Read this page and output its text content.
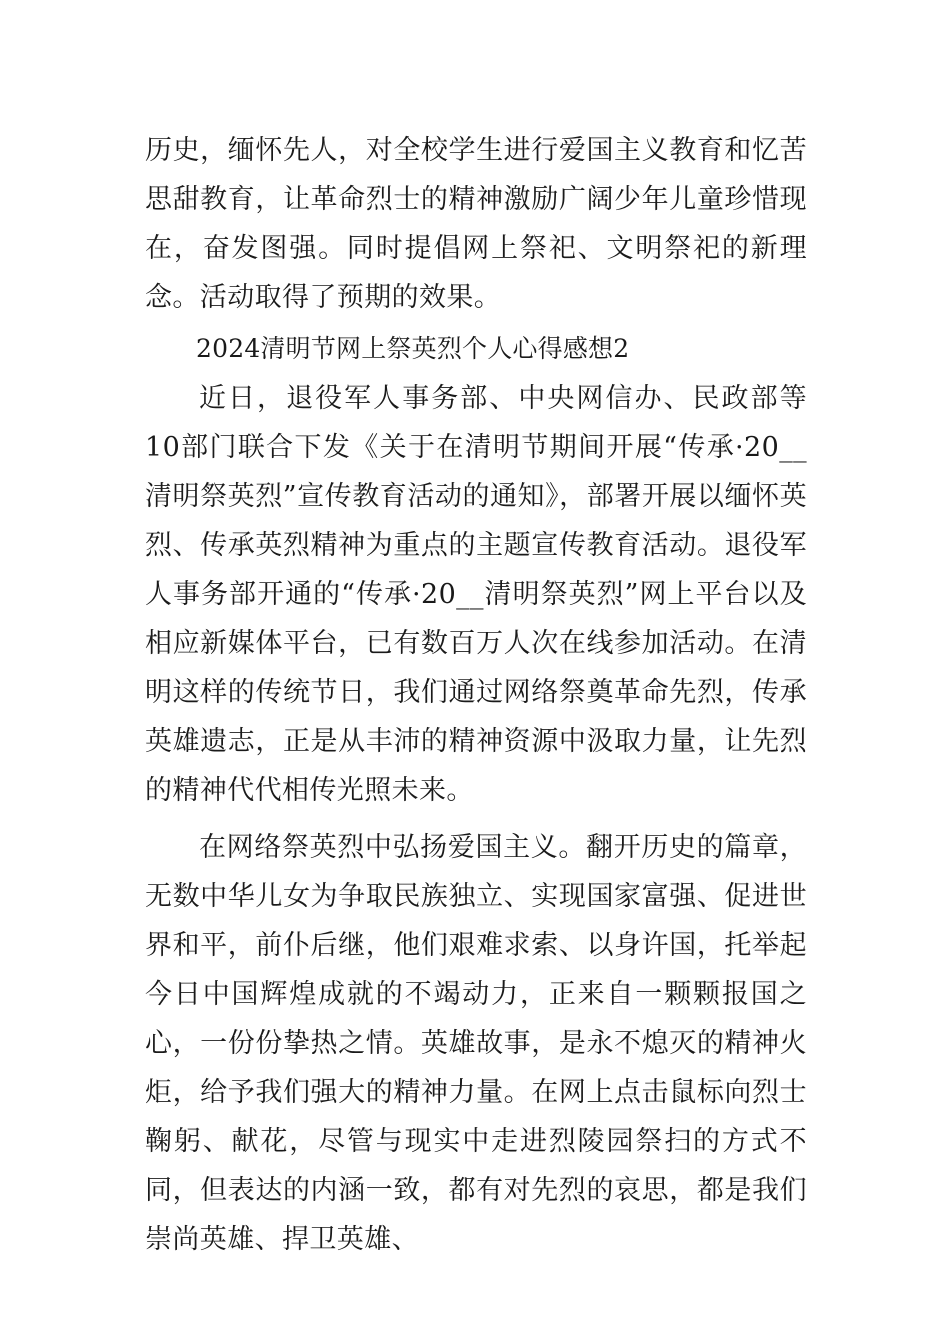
历史，缅怀先人，对全校学生进行爱国主义教育和忆苦思甜教育，让革命烈士的精神激励广阔少年儿童珍惜现在，奋发图强。同时提倡网上祭祀、文明祭祀的新理念。活动取得了预期的效果。

2024清明节网上祭英烈个人心得感想2

近日，退役军人事务部、中央网信办、民政部等10部门联合下发《关于在清明节期间开展“传承·20__清明祭英烈”宣传教育活动的通知》，部署开展以缅怀英烈、传承英烈精神为重点的主题宣传教育活动。退役军人事务部开通的“传承·20__清明祭英烈”网上平台以及相应新媒体平台，已有数百万人次在线参加活动。在清明这样的传统节日，我们通过网络祭奠革命先烈，传承英雄遗志，正是从丰沛的精神资源中汲取力量，让先烈的精神代代相传光照未来。

在网络祭英烈中弘扬爱国主义。翻开历史的篇章，无数中华儿女为争取民族独立、实现国家富强、促进世界和平，前仆后继，他们艰难求索、以身许国，托举起今日中国辉煌成就的不竭动力，正来自一颗颗报国之心，一份份挚热之情。英雄故事，是永不熄灭的精神火炬，给予我们强大的精神力量。在网上点击鼠标向烈士鞠躬、献花，尽管与现实中走进烈陵园祭扫的方式不同，但表达的内涵一致，都有对先烈的哀思，都是我们崇尚英雄、捍卫英雄、
